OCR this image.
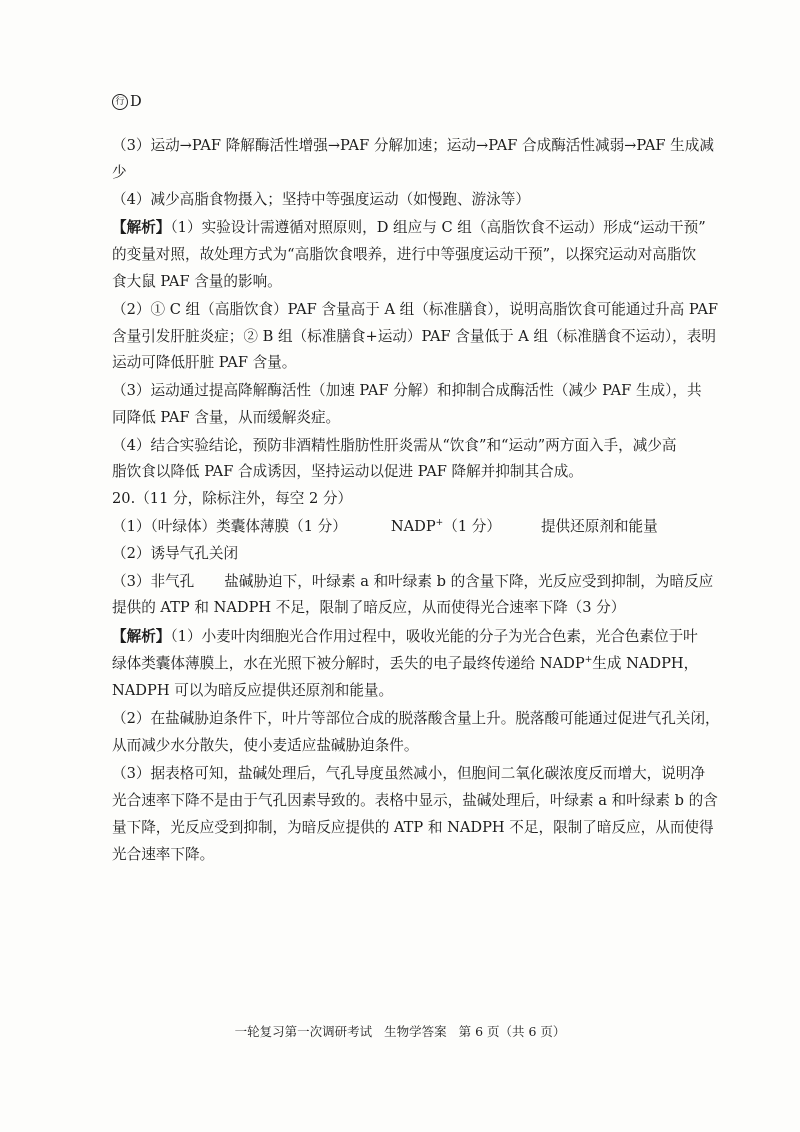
行 D
（3）运动→PAF 降解酶活性增强→PAF 分解加速；运动→PAF 合成酶活性减弱→PAF 生成减
少
（4）减少高脂食物摄入；坚持中等强度运动（如慢跑、游泳等）
【解析】（1）实验设计需遵循对照原则，D 组应与 C 组（高脂饮食不运动）形成“运动干预”
的变量对照，故处理方式为“高脂饮食喂养，进行中等强度运动干预”，以探究运动对高脂饮
食大鼠 PAF 含量的影响。
（2）① C 组（高脂饮食）PAF 含量高于 A 组（标准膳食），说明高脂饮食可能通过升高 PAF
含量引发肝脏炎症；② B 组（标准膳食+运动）PAF 含量低于 A 组（标准膳食不运动），表明
运动可降低肝脏 PAF 含量。
（3）运动通过提高降解酶活性（加速 PAF 分解）和抑制合成酶活性（减少 PAF 生成），共
同降低 PAF 含量，从而缓解炎症。
（4）结合实验结论，预防非酒精性脂肪性肝炎需从“饮食”和“运动”两方面入手，减少高
脂饮食以降低 PAF 合成诱因，坚持运动以促进 PAF 降解并抑制其合成。
20.（11 分，除标注外，每空 2 分）
（1）（叶绿体）类囊体薄膜（1 分）	NADP+（1 分）	提供还原剂和能量
（2）诱导气孔关闭
（3）非气孔 盐碱胁迫下，叶绿素 a 和叶绿素 b 的含量下降，光反应受到抑制，为暗反应
提供的 ATP 和 NADPH 不足，限制了暗反应，从而使得光合速率下降（3 分）
【解析】（1）小麦叶肉细胞光合作用过程中，吸收光能的分子为光合色素，光合色素位于叶
绿体类囊体薄膜上，水在光照下被分解时，丢失的电子最终传递给 NADP+生成 NADPH，
NADPH 可以为暗反应提供还原剂和能量。
（2）在盐碱胁迫条件下，叶片等部位合成的脱落酸含量上升。脱落酸可能通过促进气孔关闭，
从而减少水分散失，使小麦适应盐碱胁迫条件。
（3）据表格可知，盐碱处理后，气孔导度虽然减小，但胞间二氧化碳浓度反而增大，说明净
光合速率下降不是由于气孔因素导致的。表格中显示，盐碱处理后，叶绿素 a 和叶绿素 b 的含
量下降，光反应受到抑制，为暗反应提供的 ATP 和 NADPH 不足，限制了暗反应，从而使得
光合速率下降。
一轮复习第一次调研考试 生物学答案 第 6 页（共 6 页）
